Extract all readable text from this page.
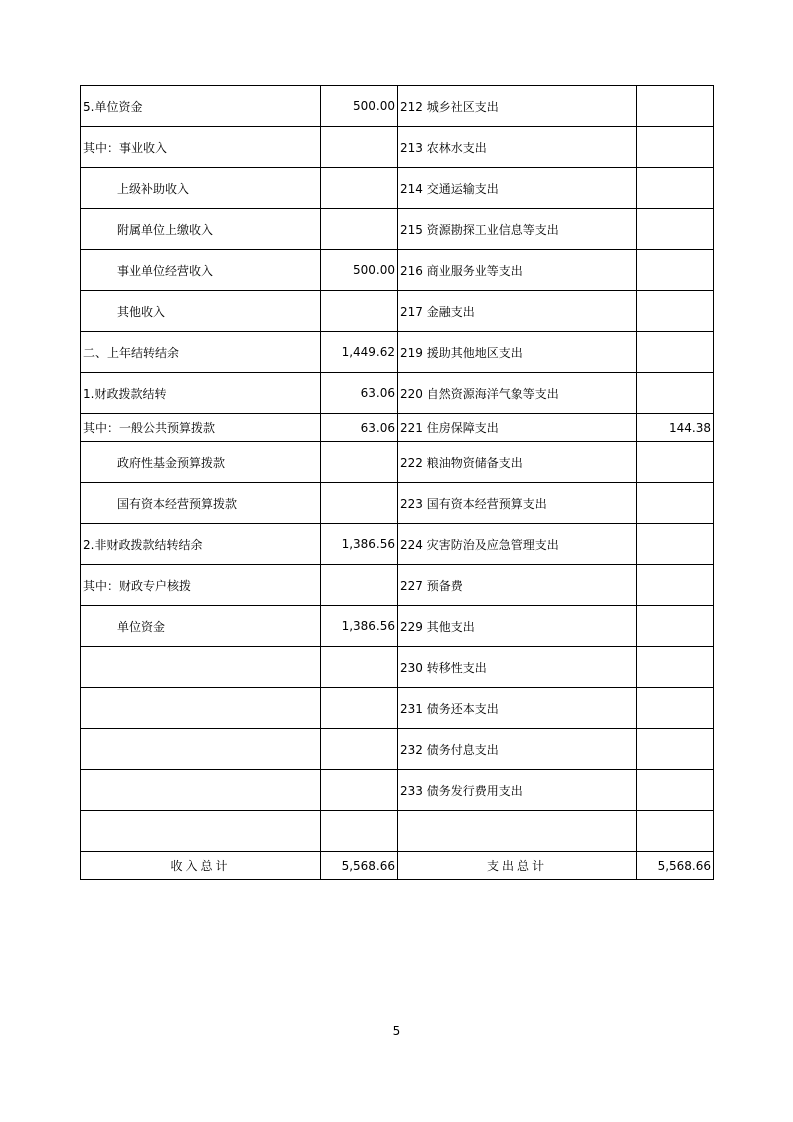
5.单位资金	500.00	212 城乡社区支出	
其中：事业收入		213 农林水支出	
上级补助收入		214 交通运输支出	
附属单位上缴收入		215 资源勘探工业信息等支出	
事业单位经营收入	500.00	216 商业服务业等支出	
其他收入		217 金融支出	
二、上年结转结余	1,449.62	219 援助其他地区支出	
1.财政拨款结转	63.06	220 自然资源海洋气象等支出	
其中：一般公共预算拨款	63.06	221 住房保障支出	144.38
政府性基金预算拨款		222 粮油物资储备支出	
国有资本经营预算拨款		223 国有资本经营预算支出	
2.非财政拨款结转结余	1,386.56	224 灾害防治及应急管理支出	
其中：财政专户核拨		227 预备费	
单位资金	1,386.56	229 其他支出	
		230 转移性支出	
		231 债务还本支出	
		232 债务付息支出	
		233 债务发行费用支出	

收入总计	5,568.66	支出总计	5,568.66
5
